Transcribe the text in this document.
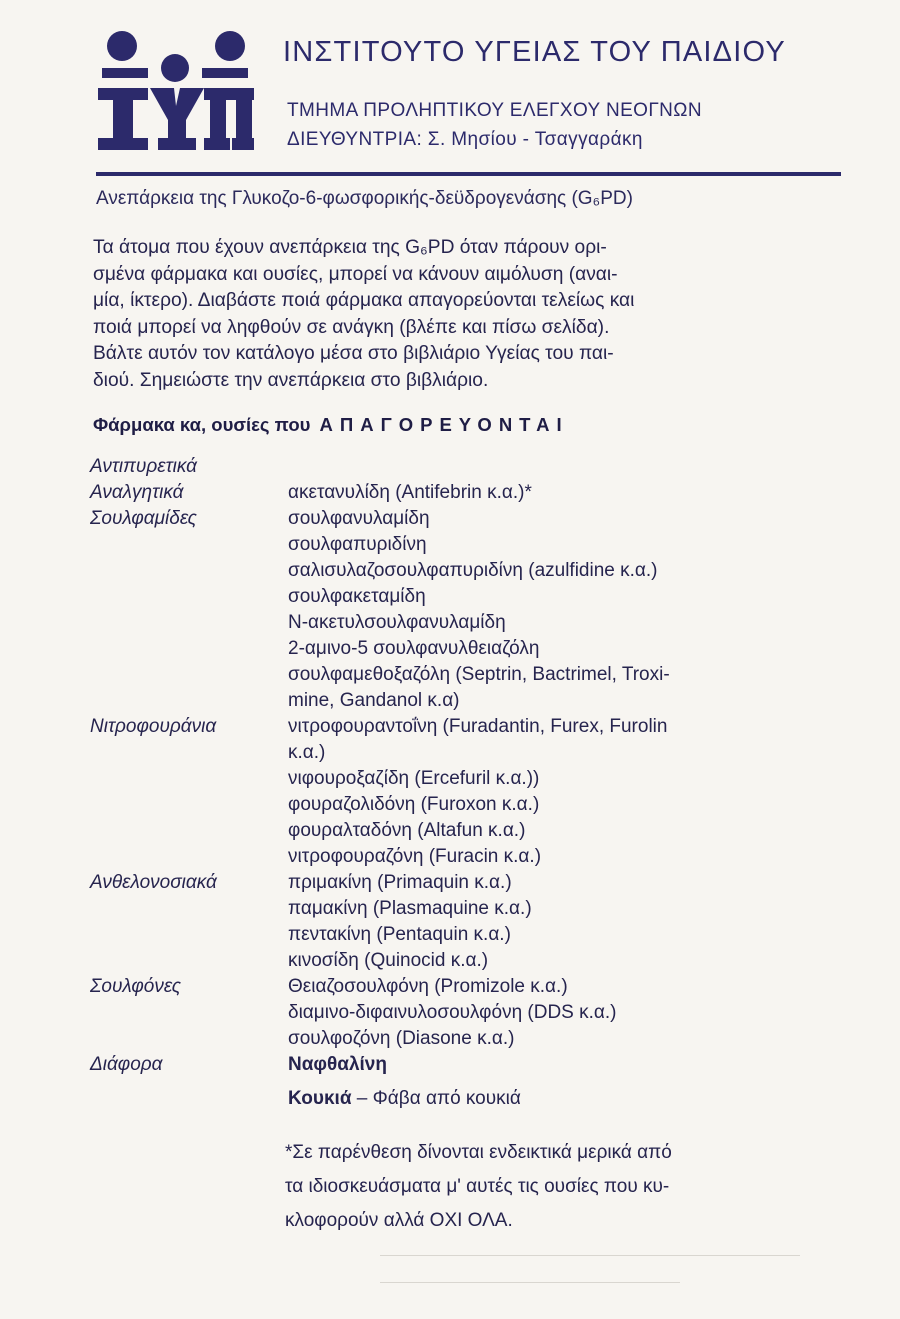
ΙΝΣΤΙΤΟΥΤΟ ΥΓΕΙΑΣ ΤΟΥ ΠΑΙΔΙΟΥ
ΤΜΗΜΑ ΠΡΟΛΗΠΤΙΚΟΥ ΕΛΕΓΧΟΥ ΝΕΟΓΝΩΝ
ΔΙΕΥΘΥΝΤΡΙΑ: Σ. Μησίου - Τσαγγαράκη
Ανεπάρκεια της Γλυκοζο-6-φωσφορικής-δεϋδρογενάσης (G₆PD)
Τα άτομα που έχουν ανεπάρκεια της G₆PD όταν πάρουν ορι-
σμένα φάρμακα και ουσίες, μπορεί να κάνουν αιμόλυση (αναι-
μία, ίκτερο). Διαβάστε ποιά φάρμακα απαγορεύονται τελείως και
ποιά μπορεί να ληφθούν σε ανάγκη (βλέπε και πίσω σελίδα).
Βάλτε αυτόν τον κατάλογο μέσα στο βιβλιάριο Υγείας του παι-
διού. Σημειώστε την ανεπάρκεια στο βιβλιάριο.
Φάρμακα κα, ουσίες που ΑΠΑΓΟΡΕΥΟΝΤΑΙ
Αντιπυρετικά
Αναλγητικά	ακετανυλίδη (Antifebrin κ.α.)*
Σουλφαμίδες	σουλφανυλαμίδη
σουλφαπυριδίνη
σαλισυλαζοσουλφαπυριδίνη (azulfidine κ.α.)
σουλφακεταμίδη
Ν-ακετυλσουλφανυλαμίδη
2-αμινο-5 σουλφανυλθειαζόλη
σουλφαμεθοξαζόλη (Septrin, Bactrimel, Troxi-
mine, Gandanol κ.α)
Νιτροφουράνια	νιτροφουραντοΐνη (Furadantin, Furex, Furolin
κ.α.)
νιφουροξαζίδη (Ercefuril κ.α.))
φουραζολιδόνη (Furoxon κ.α.)
φουραλταδόνη (Altafun κ.α.)
νιτροφουραζόνη (Furacin κ.α.)
Ανθελονοσιακά	πριμακίνη (Primaquin κ.α.)
παμακίνη (Plasmaquine κ.α.)
πεντακίνη (Pentaquin κ.α.)
κινοσίδη (Quinocid κ.α.)
Σουλφόνες	Θειαζοσουλφόνη (Promizole κ.α.)
διαμινο-διφαινυλοσουλφόνη (DDS κ.α.)
σουλφοζόνη (Diasone κ.α.)
Διάφορα	Ναφθαλίνη
Κουκιά – Φάβα από κουκιά
*Σε παρένθεση δίνονται ενδεικτικά μερικά από
τα ιδιοσκευάσματα μ' αυτές τις ουσίες που κυ-
κλοφορούν αλλά ΟΧΙ ΟΛΑ.
